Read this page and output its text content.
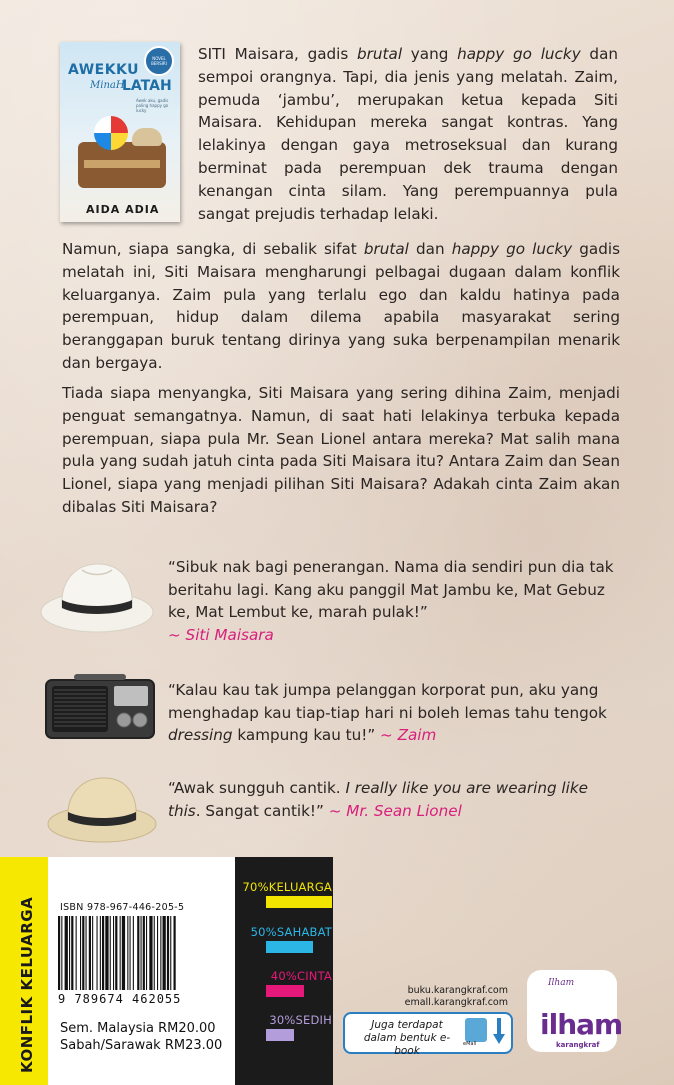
NOVEL BERSIRI
AWEKKU
MinaH
LATAH
Awek aku, gadis paling happy go lucky
AIDA ADIA

SITI Maisara, gadis brutal yang happy go lucky dan sempoi orangnya. Tapi, dia jenis yang melatah. Zaim, pemuda ‘jambu’, merupakan ketua kepada Siti Maisara. Kehidupan mereka sangat kontras. Yang lelakinya dengan gaya metroseksual dan kurang berminat pada perempuan dek trauma dengan kenangan cinta silam. Yang perempuannya pula sangat prejudis terhadap lelaki.

Namun, siapa sangka, di sebalik sifat brutal dan happy go lucky gadis melatah ini, Siti Maisara mengharungi pelbagai dugaan dalam konflik keluarganya. Zaim pula yang terlalu ego dan kaldu hatinya pada perempuan, hidup dalam dilema apabila masyarakat sering beranggapan buruk tentang dirinya yang suka berpenampilan menarik dan bergaya.

Tiada siapa menyangka, Siti Maisara yang sering dihina Zaim, menjadi penguat semangatnya. Namun, di saat hati lelakinya terbuka kepada perempuan, siapa pula Mr. Sean Lionel antara mereka? Mat salih mana pula yang sudah jatuh cinta pada Siti Maisara itu? Antara Zaim dan Sean Lionel, siapa yang menjadi pilihan Siti Maisara? Adakah cinta Zaim akan dibalas Siti Maisara?

“Sibuk nak bagi penerangan. Nama dia sendiri pun dia tak beritahu lagi. Kang aku panggil Mat Jambu ke, Mat Gebuz ke, Mat Lembut ke, marah pulak!”
~ Siti Maisara

“Kalau kau tak jumpa pelanggan korporat pun, aku yang menghadap kau tiap-tiap hari ni boleh lemas tahu tengok dressing kampung kau tu!” ~ Zaim

“Awak sungguh cantik. I really like you are wearing like this. Sangat cantik!” ~ Mr. Sean Lionel

KONFLIK KELUARGA	ISBN 978-967-446-205-5
9 789674 462055
Sem. Malaysia RM20.00
Sabah/Sarawak RM23.00
70%KELUARGA
50%SAHABAT
40%CINTA
30%SEDIH
buku.karangkraf.com
emall.karangkraf.com
Juga terdapat dalam bentuk e-book
eMall
Ilham
ilham
karangkraf
